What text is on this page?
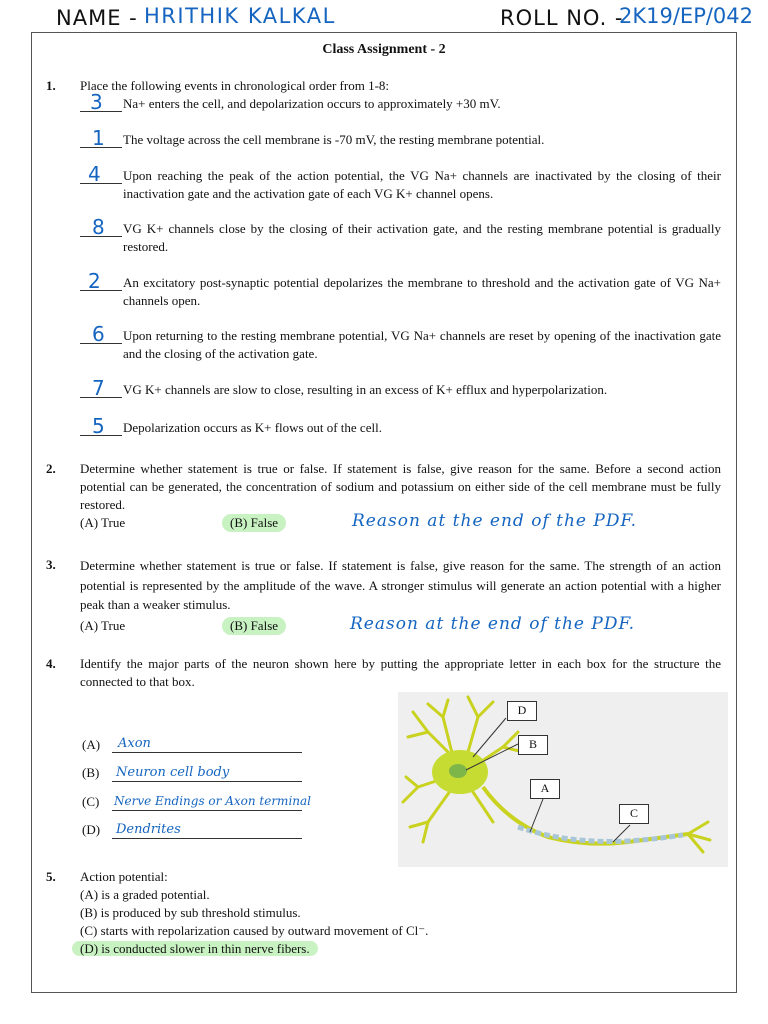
NAME - HRITHIK KALKAL	ROLL NO. -
2K19/EP/042
Class Assignment - 2
1. Place the following events in chronological order from 1-8:
3 Na+ enters the cell, and depolarization occurs to approximately +30 mV.
1 The voltage across the cell membrane is -70 mV, the resting membrane potential.
4 Upon reaching the peak of the action potential, the VG Na+ channels are inactivated by the closing of their inactivation gate and the activation gate of each VG K+ channel opens.
8 VG K+ channels close by the closing of their activation gate, and the resting membrane potential is gradually restored.
2 An excitatory post-synaptic potential depolarizes the membrane to threshold and the activation gate of VG Na+ channels open.
6 Upon returning to the resting membrane potential, VG Na+ channels are reset by opening of the inactivation gate and the closing of the activation gate.
7 VG K+ channels are slow to close, resulting in an excess of K+ efflux and hyperpolarization.
5 Depolarization occurs as K+ flows out of the cell.
2. Determine whether statement is true or false. If statement is false, give reason for the same. Before a second action potential can be generated, the concentration of sodium and potassium on either side of the cell membrane must be fully restored.
(A) True	(B) False	Reason at the end of the PDF.
3. Determine whether statement is true or false. If statement is false, give reason for the same. The strength of an action potential is represented by the amplitude of the wave. A stronger stimulus will generate an action potential with a higher peak than a weaker stimulus.
(A) True	(B) False	Reason at the end of the PDF.
4. Identify the major parts of the neuron shown here by putting the appropriate letter in each box for the structure the connected to that box.
(A) Axon
(B) Neuron cell body
(C) Nerve Endings or Axon terminal
(D) Dendrites
D
B
A
C
5. Action potential:
(A) is a graded potential.
(B) is produced by sub threshold stimulus.
(C) starts with repolarization caused by outward movement of Cl⁻.
(D) is conducted slower in thin nerve fibers.
